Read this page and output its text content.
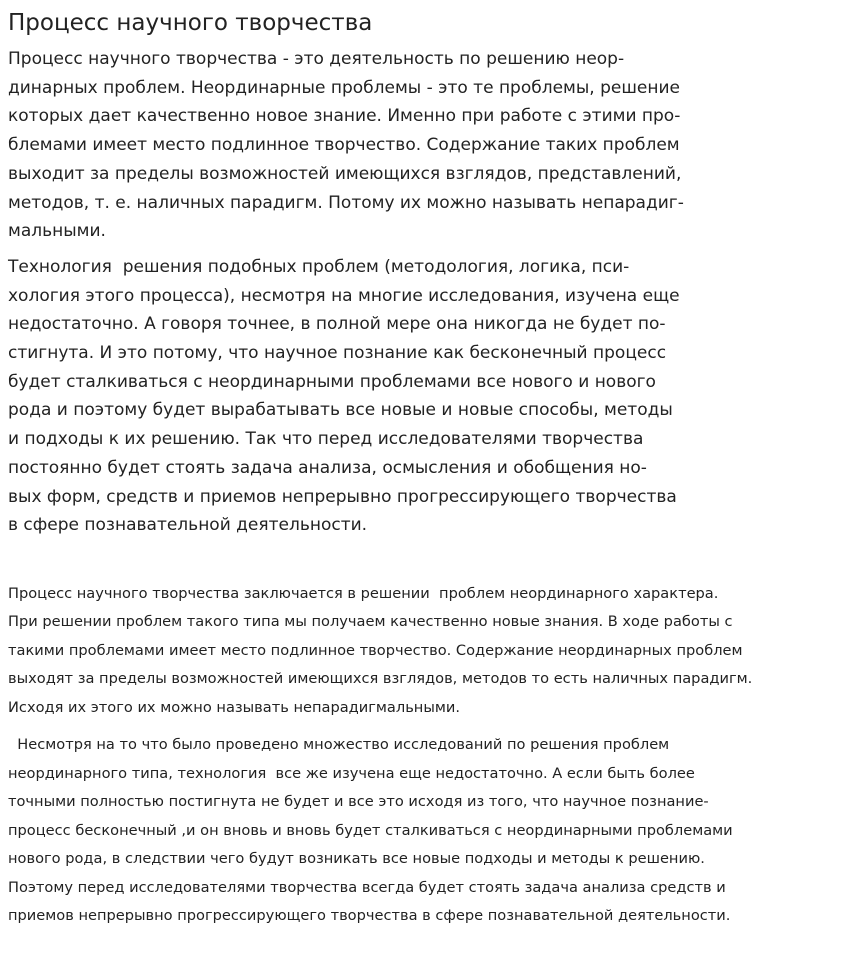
Процесс научного творчества

Процесс научного творчества - это деятельность по решению неор-
динарных проблем. Неординарные проблемы - это те проблемы, решение
которых дает качественно новое знание. Именно при работе с этими про-
блемами имеет место подлинное творчество. Содержание таких проблем
выходит за пределы возможностей имеющихся взглядов, представлений,
методов, т. е. наличных парадигм. Потому их можно называть непарадиг-
мальными.

Технология  решения подобных проблем (методология, логика, пси-
хология этого процесса), несмотря на многие исследования, изучена еще
недостаточно. А говоря точнее, в полной мере она никогда не будет по-
стигнута. И это потому, что научное познание как бесконечный процесс
будет сталкиваться с неординарными проблемами все нового и нового
рода и поэтому будет вырабатывать все новые и новые способы, методы
и подходы к их решению. Так что перед исследователями творчества
постоянно будет стоять задача анализа, осмысления и обобщения но-
вых форм, средств и приемов непрерывно прогрессирующего творчества
в сфере познавательной деятельности.

Процесс научного творчества заключается в решении  проблем неординарного характера.
При решении проблем такого типа мы получаем качественно новые знания. В ходе работы с
такими проблемами имеет место подлинное творчество. Содержание неординарных проблем
выходят за пределы возможностей имеющихся взглядов, методов то есть наличных парадигм.
Исходя их этого их можно называть непарадигмальными.

Несмотря на то что было проведено множество исследований по решения проблем
неординарного типа, технология  все же изучена еще недостаточно. А если быть более
точными полностью постигнута не будет и все это исходя из того, что научное познание-
процесс бесконечный ,и он вновь и вновь будет сталкиваться с неординарными проблемами
нового рода, в следствии чего будут возникать все новые подходы и методы к решению.
Поэтому перед исследователями творчества всегда будет стоять задача анализа средств и
приемов непрерывно прогрессирующего творчества в сфере познавательной деятельности.
